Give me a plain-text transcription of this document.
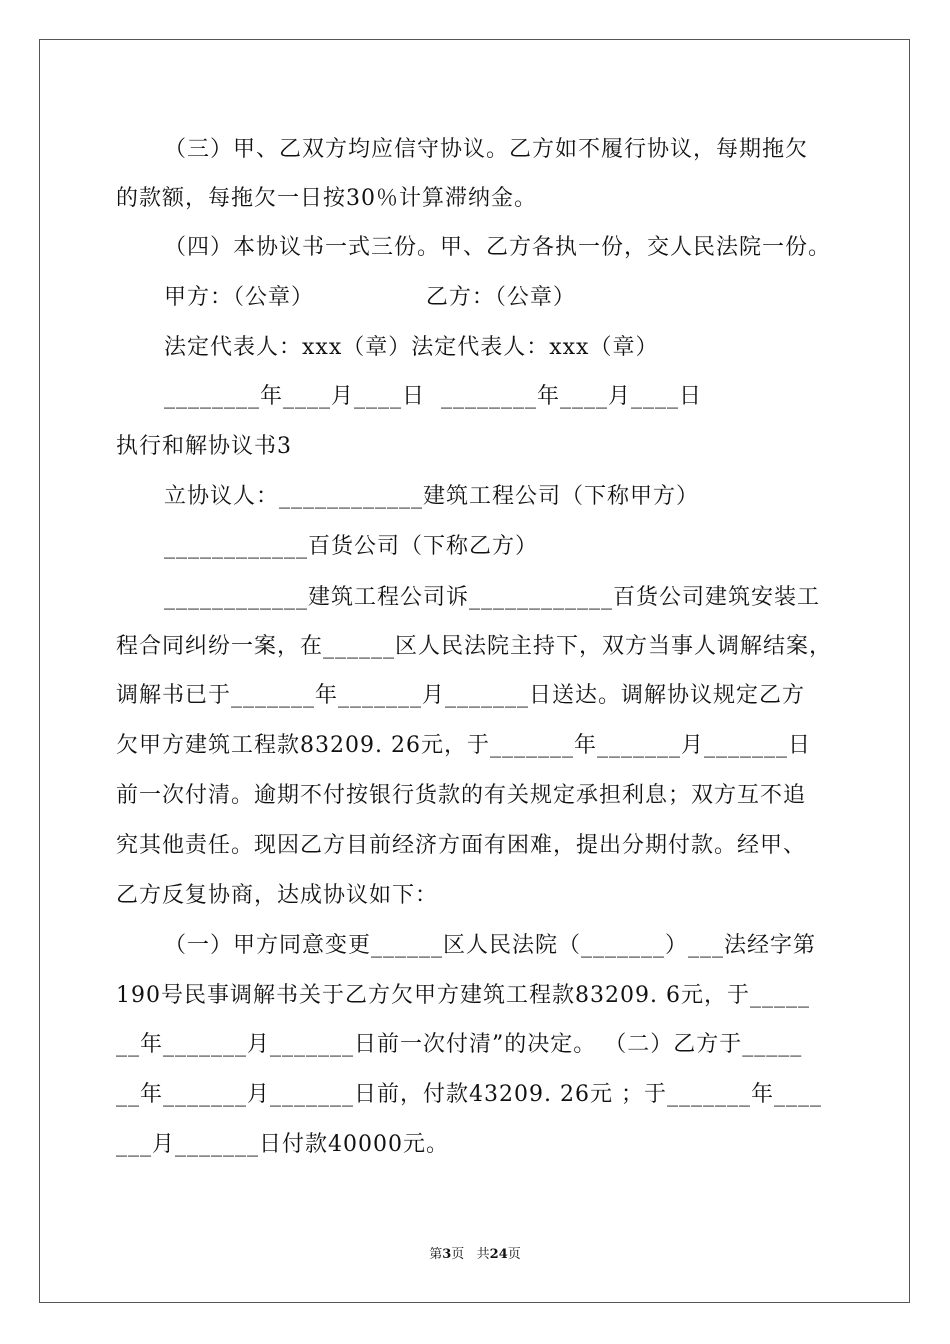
（三）甲、乙双方均应信守协议。乙方如不履行协议，每期拖欠
的款额，每拖欠一日按30％计算滞纳金。
（四）本协议书一式三份。甲、乙方各执一份，交人民法院一份。
甲方：（公章）              乙方：（公章）
法定代表人：xxx（章）法定代表人：xxx（章）
________年____月____日  ________年____月____日
执行和解协议书3
立协议人：____________建筑工程公司（下称甲方）
____________百货公司（下称乙方）
____________建筑工程公司诉____________百货公司建筑安装工
程合同纠纷一案，在______区人民法院主持下，双方当事人调解结案，
调解书已于_______年_______月_______日送达。调解协议规定乙方
欠甲方建筑工程款83209. 26元，于_______年_______月_______日
前一次付清。逾期不付按银行货款的有关规定承担利息；双方互不追
究其他责任。现因乙方目前经济方面有困难，提出分期付款。经甲、
乙方反复协商，达成协议如下：
（一）甲方同意变更______区人民法院（_______）___法经字第
190号民事调解书关于乙方欠甲方建筑工程款83209. 6元，于_____
__年_______月_______日前一次付清”的决定。 （二）乙方于_____
__年_______月_______日前，付款43209. 26元 ；于_______年____
___月_______日付款40000元。
第3页   共24页
